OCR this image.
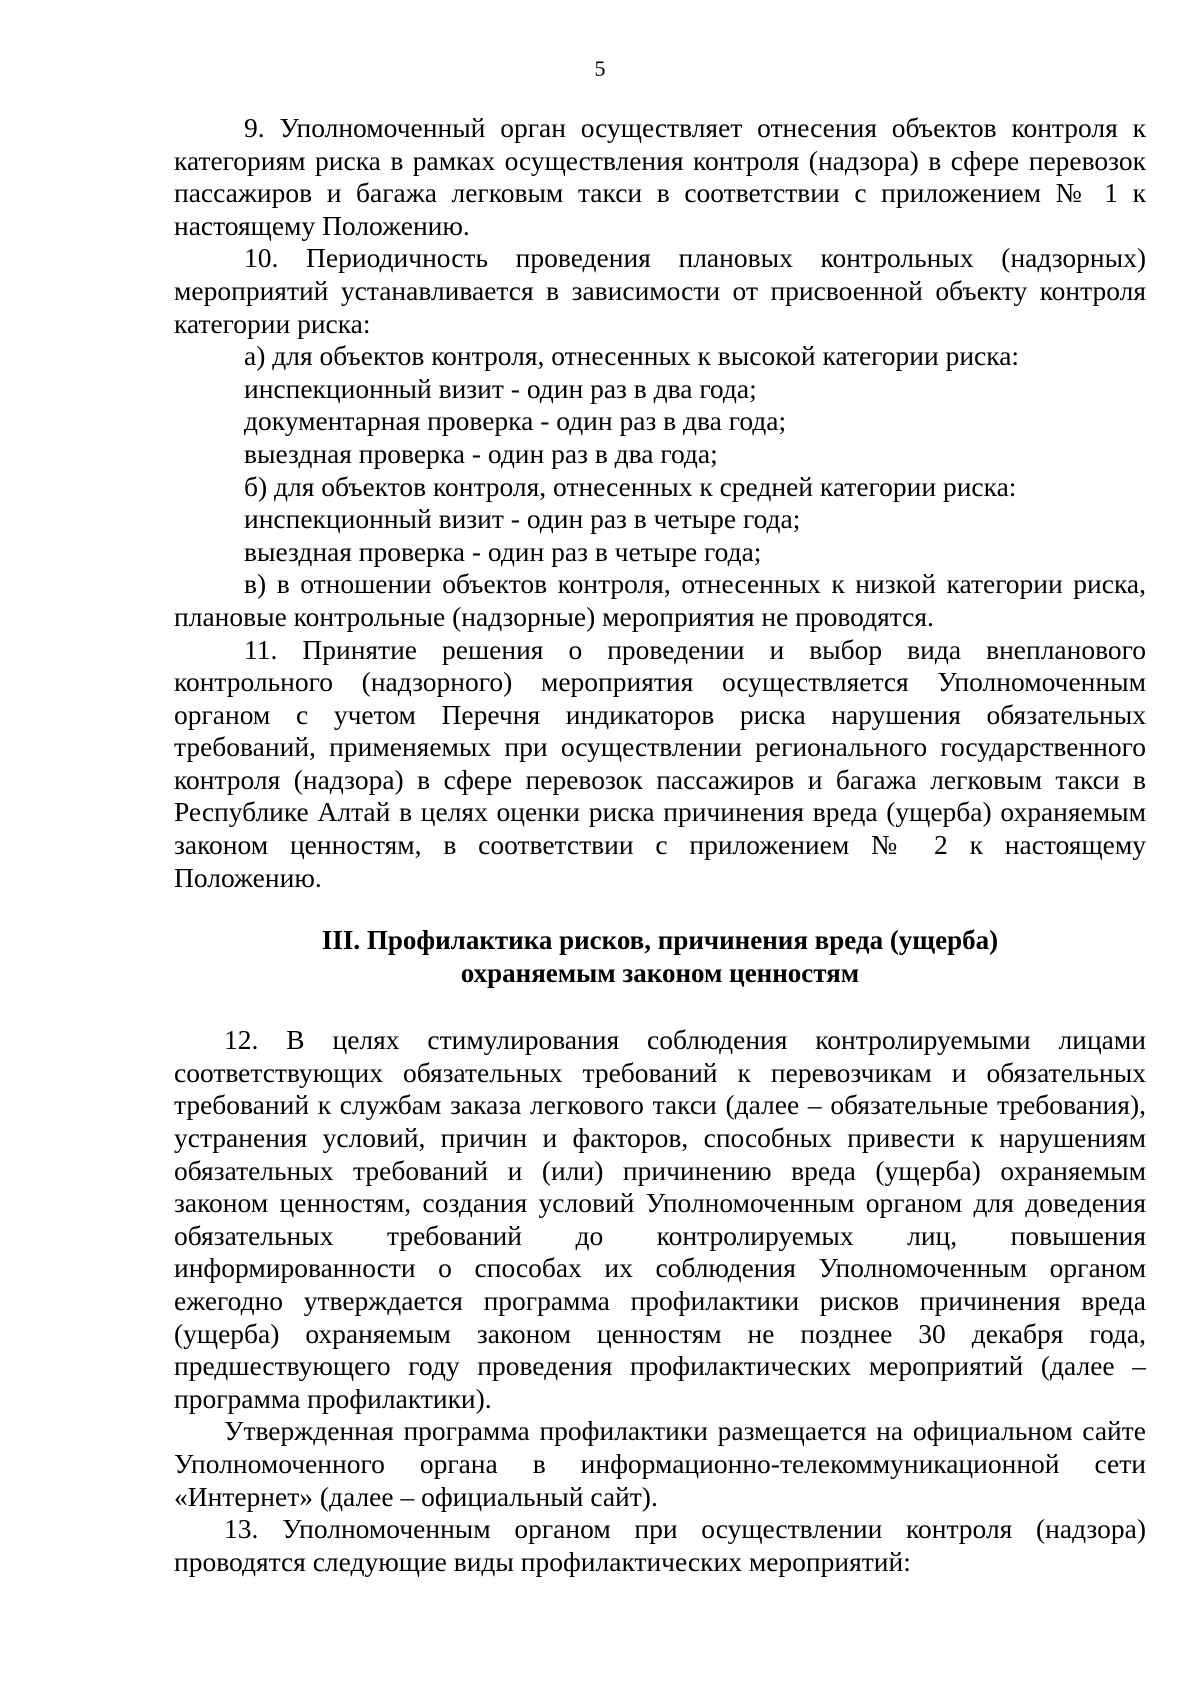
5

9. Уполномоченный орган осуществляет отнесения объектов контроля к категориям риска в рамках осуществления контроля (надзора) в сфере перевозок пассажиров и багажа легковым такси в соответствии с приложением № 1 к настоящему Положению.

10. Периодичность проведения плановых контрольных (надзорных) мероприятий устанавливается в зависимости от присвоенной объекту контроля категории риска:

а) для объектов контроля, отнесенных к высокой категории риска:

инспекционный визит - один раз в два года;

документарная проверка - один раз в два года;

выездная проверка - один раз в два года;

б) для объектов контроля, отнесенных к средней категории риска:

инспекционный визит - один раз в четыре года;

выездная проверка - один раз в четыре года;

в) в отношении объектов контроля, отнесенных к низкой категории риска, плановые контрольные (надзорные) мероприятия не проводятся.

11. Принятие решения о проведении и выбор вида внепланового контрольного (надзорного) мероприятия осуществляется Уполномоченным органом с учетом Перечня индикаторов риска нарушения обязательных требований, применяемых при осуществлении регионального государственного контроля (надзора) в сфере перевозок пассажиров и багажа легковым такси в Республике Алтай в целях оценки риска причинения вреда (ущерба) охраняемым законом ценностям, в соответствии с приложением № 2 к настоящему Положению.

III. Профилактика рисков, причинения вреда (ущерба)
охраняемым законом ценностям

12. В целях стимулирования соблюдения контролируемыми лицами соответствующих обязательных требований к перевозчикам и обязательных требований к службам заказа легкового такси (далее – обязательные требования), устранения условий, причин и факторов, способных привести к нарушениям обязательных требований и (или) причинению вреда (ущерба) охраняемым законом ценностям, создания условий Уполномоченным органом для доведения обязательных требований до контролируемых лиц, повышения информированности о способах их соблюдения Уполномоченным органом ежегодно утверждается программа профилактики рисков причинения вреда (ущерба) охраняемым законом ценностям не позднее 30 декабря года, предшествующего году проведения профилактических мероприятий (далее – программа профилактики).

Утвержденная программа профилактики размещается на официальном сайте Уполномоченного органа в информационно-телекоммуникационной сети «Интернет» (далее – официальный сайт).

13. Уполномоченным органом при осуществлении контроля (надзора) проводятся следующие виды профилактических мероприятий:
